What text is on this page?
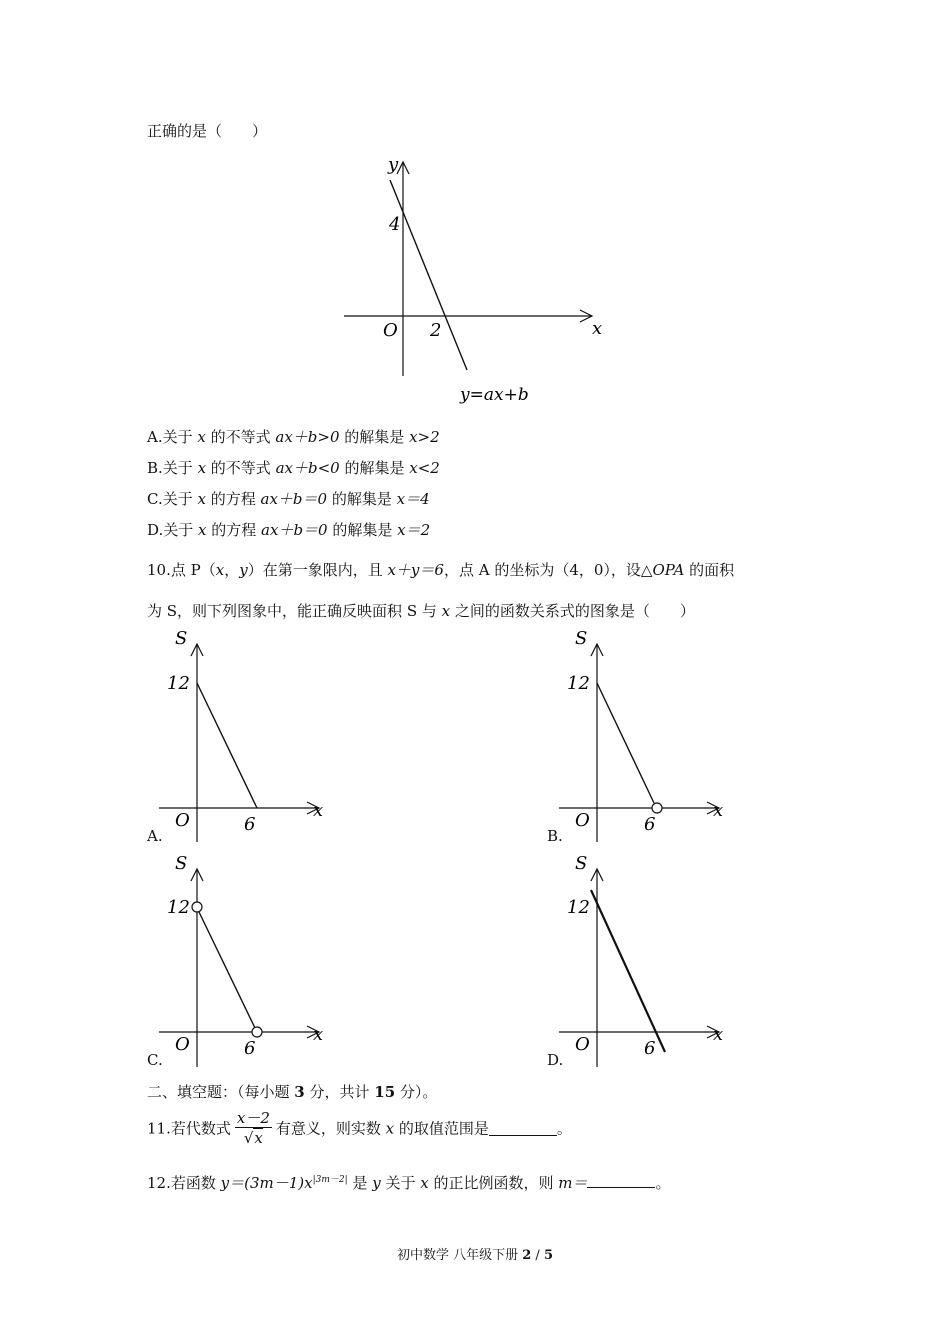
正确的是（　　）
y
x
O
4
2
y=ax+b
A.关于 x 的不等式 ax＋b>0 的解集是 x>2
B.关于 x 的不等式 ax＋b<0 的解集是 x<2
C.关于 x 的方程 ax＋b＝0 的解集是 x＝4
D.关于 x 的方程 ax＋b＝0 的解集是 x＝2
10.点 P（x，y）在第一象限内，且 x＋y＝6，点 A 的坐标为（4，0），设△OPA 的面积
为 S，则下列图象中，能正确反映面积 S 与 x 之间的函数关系式的图象是（　　）
S
x
O
12
6
A.
S
x
O
12
6
B.
S
x
O
12
6
C.
S
x
O
12
6
D.
二、填空题：（每小题 3 分，共计 15 分）。
11.若代数式 $\frac{x-2}{√x}$ 有意义，则实数 x 的取值范围是	。
12.若函数 $y=(3m-1)x^{|3m-2|}$ 是 y 关于 x 的正比例函数，则 m＝	。
初中数学 八年级下册 2 / 5
